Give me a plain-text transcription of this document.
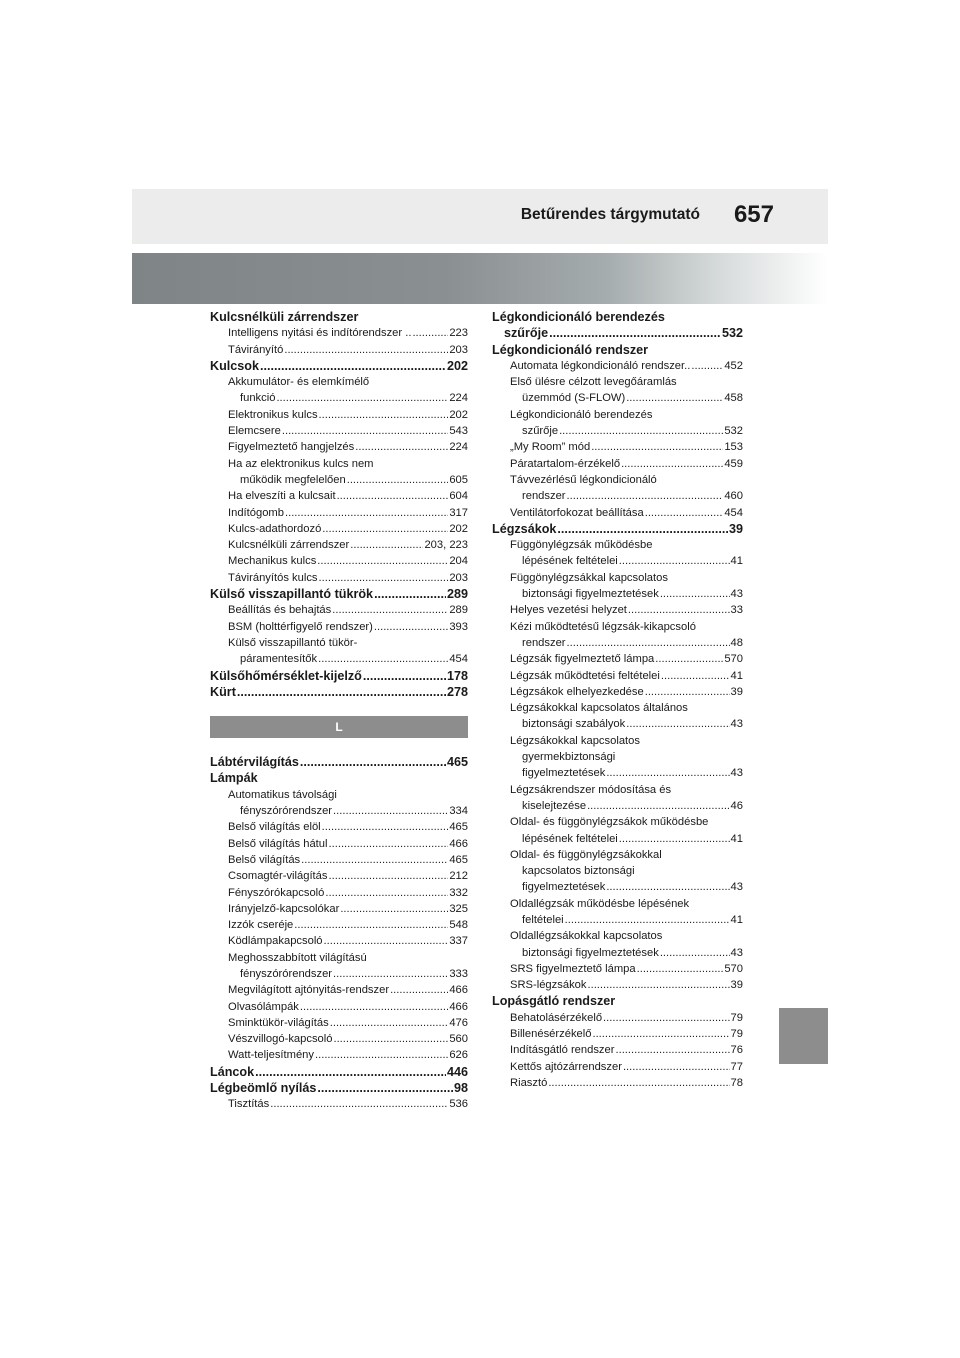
Betűrendes tárgymutató 657
Kulcsnélküli zárrendszer
Intelligens nyitási és indítórendszer .. .....	223
Távirányító .....	203
Kulcsok .....	202
Akkumulátor- és elemkímélő
funkció .....	224
Elektronikus kulcs .....	202
Elemcsere .....	543
Figyelmeztető hangjelzés .....	224
Ha az elektronikus kulcs nem
működik megfelelően .....	605
Ha elveszíti a kulcsait .....	604
Indítógomb .....	317
Kulcs-adathordozó .....	202
Kulcsnélküli zárrendszer .....	203, 223
Mechanikus kulcs .....	204
Távirányítós kulcs .....	203
Külső visszapillantó tükrök .....	289
Beállítás és behajtás .....	289
BSM (holttérfigyelő rendszer) .....	393
Külső visszapillantó tükör-
páramentesítők .....	454
Külsőhőmérséklet-kijelző .....	178
Kürt .....	278
L
Lábtérvilágítás .....	465
Lámpák
Automatikus távolsági
fényszórórendszer .....	334
Belső világítás elöl .....	465
Belső világítás hátul .....	466
Belső világítás .....	465
Csomagtér-világítás .....	212
Fényszórókapcsoló .....	332
Irányjelző-kapcsolókar .....	325
Izzók cseréje .....	548
Ködlámpakapcsoló .....	337
Meghosszabbított világítású
fényszórórendszer .....	333
Megvilágított ajtónyitás-rendszer .....	466
Olvasólámpák .....	466
Sminktükör-világítás .....	476
Vészvillogó-kapcsoló .....	560
Watt-teljesítmény .....	626
Láncok .....	446
Légbeömlő nyílás .....	98
Tisztítás .....	536
Légkondicionáló berendezés
szűrője .....	532
Légkondicionáló rendszer
Automata légkondicionáló rendszer.. .....	452
Első ülésre célzott levegőáramlás
üzemmód (S-FLOW) .....	458
Légkondicionáló berendezés
szűrője .....	532
„My Room” mód .....	153
Páratartalom-érzékelő .....	459
Távvezérlésű légkondicionáló
rendszer .....	460
Ventilátorfokozat beállítása .....	454
Légzsákok .....	39
Függönylégzsák működésbe
lépésének feltételei .....	41
Függönylégzsákkal kapcsolatos
biztonsági figyelmeztetések .....	43
Helyes vezetési helyzet .....	33
Kézi működtetésű légzsák-kikapcsoló
rendszer .....	48
Légzsák figyelmeztető lámpa .....	570
Légzsák működtetési feltételei .....	41
Légzsákok elhelyezkedése .....	39
Légzsákokkal kapcsolatos általános
biztonsági szabályok .....	43
Légzsákokkal kapcsolatos
gyermekbiztonsági
figyelmeztetések .....	43
Légzsákrendszer módosítása és
kiselejtezése .....	46
Oldal- és függönylégzsákok működésbe
lépésének feltételei .....	41
Oldal- és függönylégzsákokkal
kapcsolatos biztonsági
figyelmeztetések .....	43
Oldallégzsák működésbe lépésének
feltételei .....	41
Oldallégzsákokkal kapcsolatos
biztonsági figyelmeztetések .....	43
SRS figyelmeztető lámpa .....	570
SRS-légzsákok .....	39
Lopásgátló rendszer
Behatolásérzékelő .....	79
Billenésérzékelő .....	79
Indításgátló rendszer .....	76
Kettős ajtózárrendszer .....	77
Riasztó .....	78
